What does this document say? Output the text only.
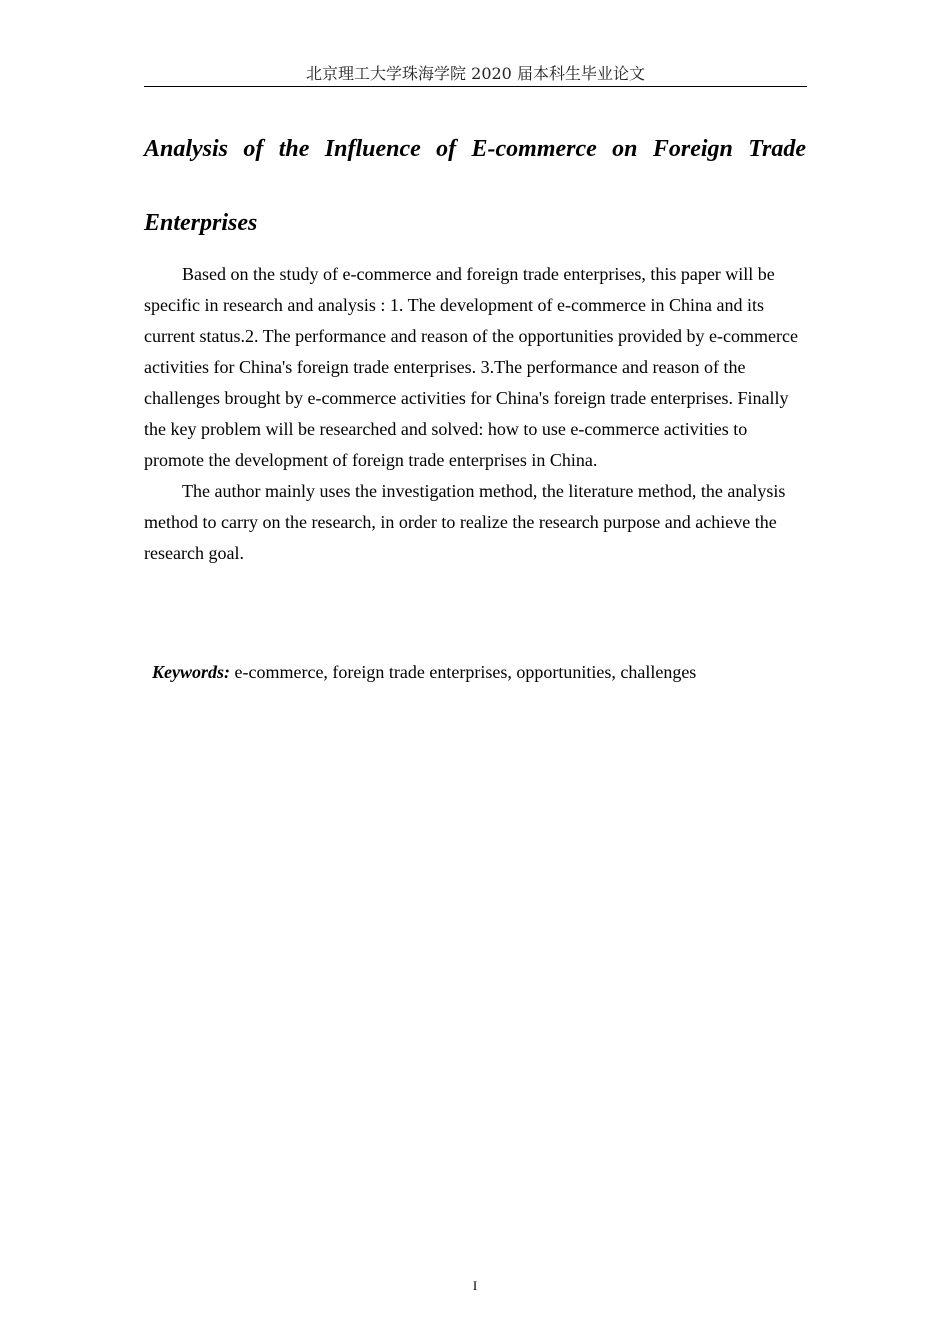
北京理工大学珠海学院 2020 届本科生毕业论文
Analysis of the Influence of E-commerce on Foreign Trade
Enterprises

Based on the study of e-commerce and foreign trade enterprises, this paper will be specific in research and analysis : 1. The development of e-commerce in China and its current status.2. The performance and reason of the opportunities provided by e-commerce activities for China's foreign trade enterprises. 3.The performance and reason of the challenges brought by e-commerce activities for China's foreign trade enterprises. Finally the key problem will be researched and solved: how to use e-commerce activities to promote the development of foreign trade enterprises in China.

The author mainly uses the investigation method, the literature method, the analysis method to carry on the research, in order to realize the research purpose and achieve the research goal.

Keywords: e-commerce, foreign trade enterprises, opportunities, challenges
I
